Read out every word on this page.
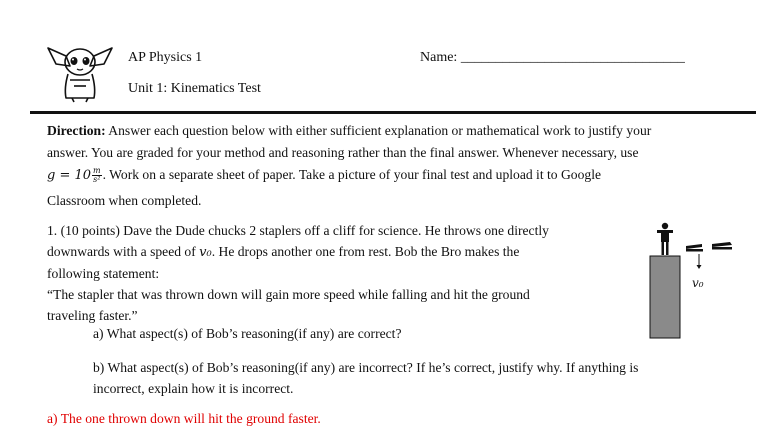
AP Physics 1
Unit 1: Kinematics Test
Name: ________________________________
Direction: Answer each question below with either sufficient explanation or mathematical work to justify your
answer. You are graded for your method and reasoning rather than the final answer. Whenever necessary, use
$g = 10 \frac{m}{\text{s²}}$ . Work on a separate sheet of paper. Take a picture of your final test and upload it to Google
Classroom when completed.
1. (10 points) Dave the Dude chucks 2 staplers off a cliff for science. He throws one directly
downwards with a speed of v₀. He drops another one from rest. Bob the Bro makes the
following statement:
“The stapler that was thrown down will gain more speed while falling and hit the ground
traveling faster.”
a) What aspect(s) of Bob’s reasoning(if any) are correct?
b) What aspect(s) of Bob’s reasoning(if any) are incorrect? If he’s correct, justify why. If anything is
incorrect, explain how it is incorrect.
a) The one thrown down will hit the ground faster.
v₀
